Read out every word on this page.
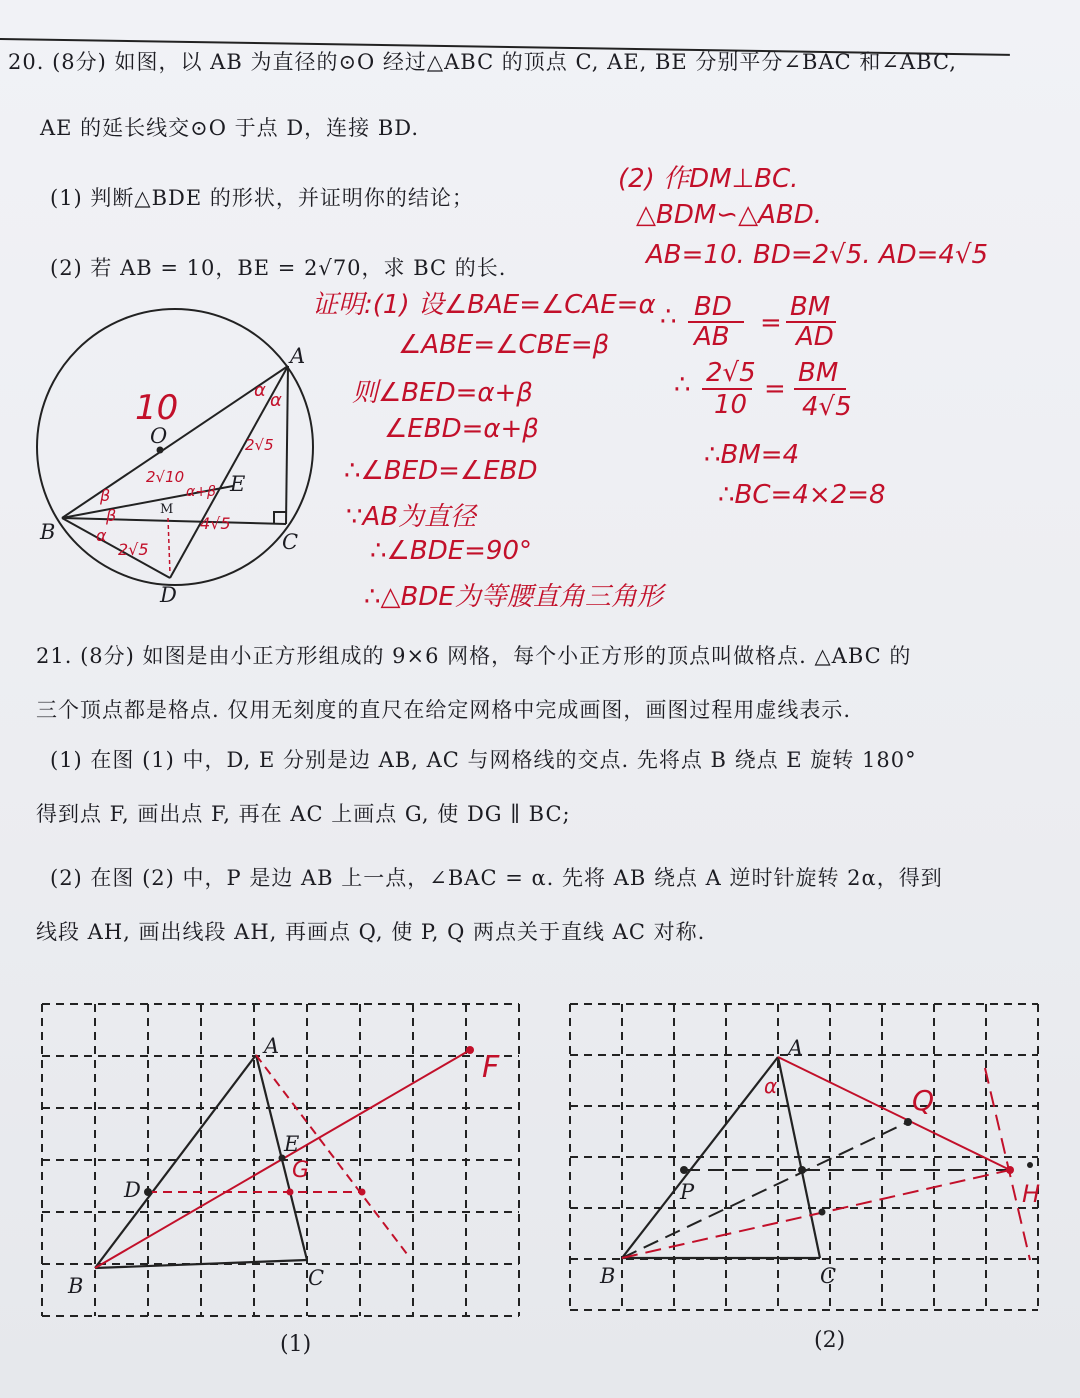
20. (8分) 如图，以 AB 为直径的⊙O 经过△ABC 的顶点 C, AE, BE 分别平分∠BAC 和∠ABC,
AE 的延长线交⊙O 于点 D，连接 BD.
(1) 判断△BDE 的形状，并证明你的结论；
(2) 若 AB = 10，BE = 2√70，求 BC 的长.
A
B	C
D
E
O
M
10	α α
2√5
2√10
β
β
α+β
4√5
α
2√5
证明:(1) 设∠BAE=∠CAE=α
∠ABE=∠CBE=β
则∠BED=α+β
∠EBD=α+β
∴∠BED=∠EBD
∵AB为直径
∴∠BDE=90°
∴△BDE为等腰直角三角形
(2) 作DM⊥BC.
△BDM∽△ABD.
AB=10. BD=2√5. AD=4√5
∴ BD
AB =
BM
AD
∴ 2√5
10
=
BM
4√5
∴BM=4
∴BC=4×2=8
21. (8分) 如图是由小正方形组成的 9×6 网格，每个小正方形的顶点叫做格点. △ABC 的
三个顶点都是格点. 仅用无刻度的直尺在给定网格中完成画图，画图过程用虚线表示.
(1) 在图 (1) 中，D, E 分别是边 AB, AC 与网格线的交点. 先将点 B 绕点 E 旋转 180°
得到点 F, 画出点 F, 再在 AC 上画点 G, 使 DG ∥ BC;
(2) 在图 (2) 中，P 是边 AB 上一点，∠BAC = α. 先将 AB 绕点 A 逆时针旋转 2α，得到
线段 AH, 画出线段 AH, 再画点 Q, 使 P, Q 两点关于直线 AC 对称.
A
B	C
D
E
F
G
(1)
A
B	C
P
Q
H
α
(2)
